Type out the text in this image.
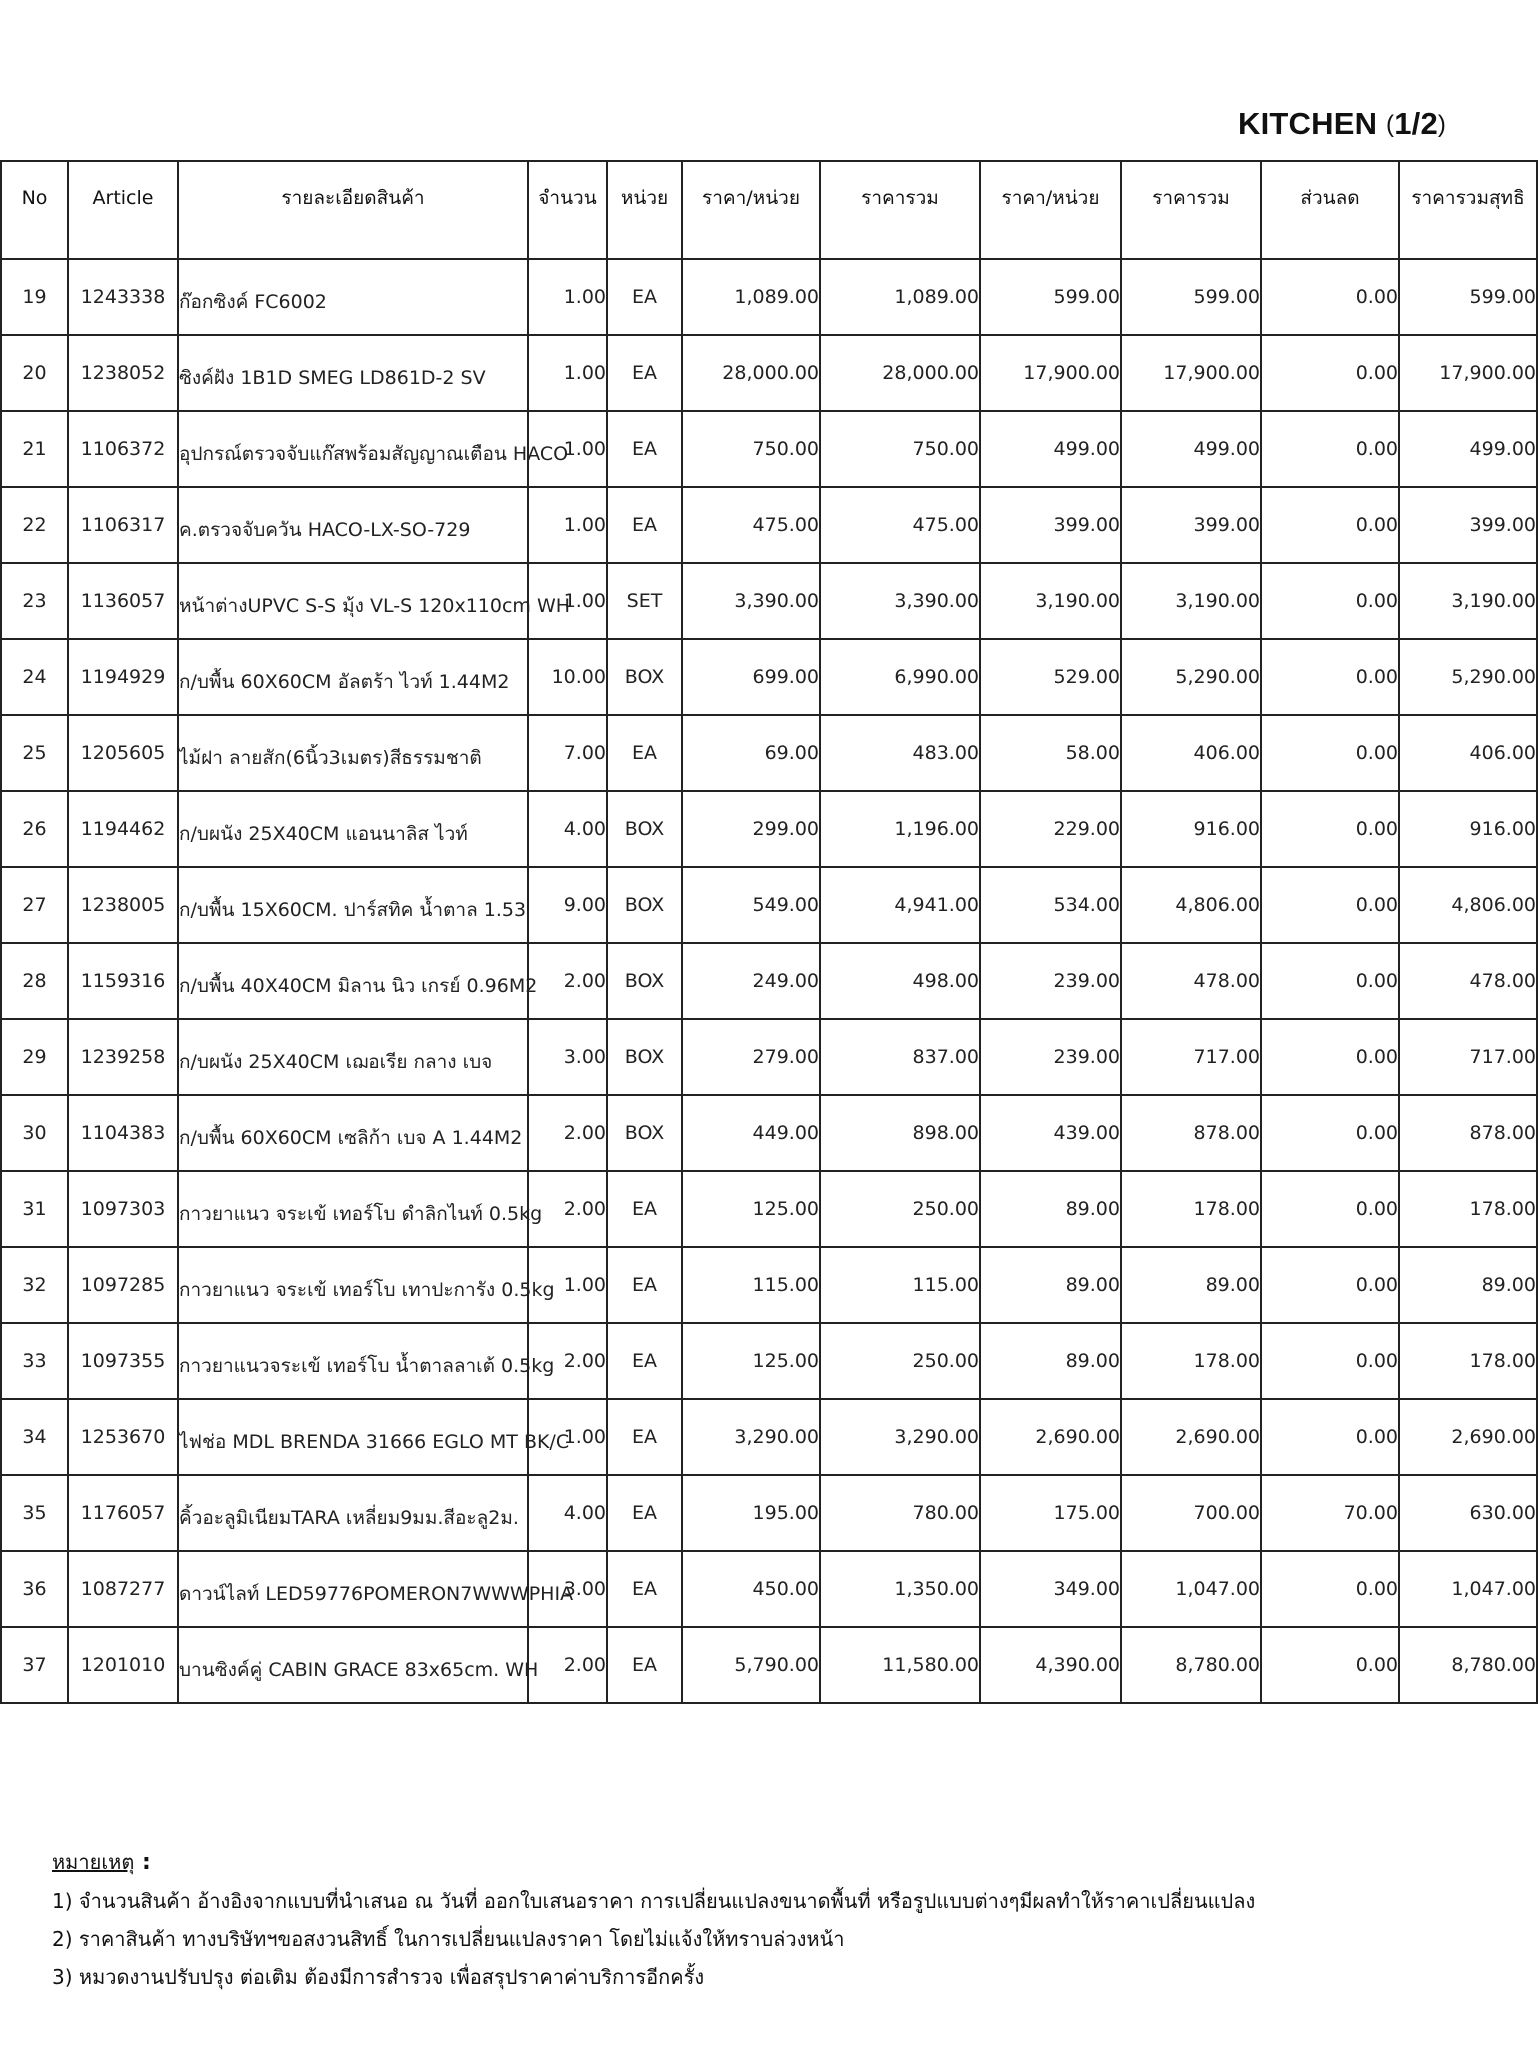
KITCHEN (1/2)
No	Article	รายละเอียดสินค้า	จำนวน	หน่วย	ราคา/หน่วย	ราคารวม	ราคา/หน่วย	ราคารวม	ส่วนลด	ราคารวมสุทธิ
19	1243338	ก๊อกซิงค์ FC6002	1.00	EA	1,089.00	1,089.00	599.00	599.00	0.00	599.00
20	1238052	ซิงค์ฝัง 1B1D SMEG LD861D-2 SV	1.00	EA	28,000.00	28,000.00	17,900.00	17,900.00	0.00	17,900.00
21	1106372	อุปกรณ์ตรวจจับแก๊สพร้อมสัญญาณเตือน HACO	1.00	EA	750.00	750.00	499.00	499.00	0.00	499.00
22	1106317	ค.ตรวจจับควัน HACO-LX-SO-729	1.00	EA	475.00	475.00	399.00	399.00	0.00	399.00
23	1136057	หน้าต่างUPVC S-S มุ้ง VL-S 120x110cm WH	1.00	SET	3,390.00	3,390.00	3,190.00	3,190.00	0.00	3,190.00
24	1194929	ก/บพื้น 60X60CM อัลตร้า ไวท์ 1.44M2	10.00	BOX	699.00	6,990.00	529.00	5,290.00	0.00	5,290.00
25	1205605	ไม้ฝา ลายสัก(6นิ้ว3เมตร)สีธรรมชาติ	7.00	EA	69.00	483.00	58.00	406.00	0.00	406.00
26	1194462	ก/บผนัง 25X40CM แอนนาลิส ไวท์	4.00	BOX	299.00	1,196.00	229.00	916.00	0.00	916.00
27	1238005	ก/บพื้น 15X60CM. ปาร์สทิค น้ำตาล 1.53	9.00	BOX	549.00	4,941.00	534.00	4,806.00	0.00	4,806.00
28	1159316	ก/บพื้น 40X40CM มิลาน นิว เกรย์ 0.96M2	2.00	BOX	249.00	498.00	239.00	478.00	0.00	478.00
29	1239258	ก/บผนัง 25X40CM เฌอเรีย กลาง เบจ	3.00	BOX	279.00	837.00	239.00	717.00	0.00	717.00
30	1104383	ก/บพื้น 60X60CM เซลิก้า เบจ A 1.44M2	2.00	BOX	449.00	898.00	439.00	878.00	0.00	878.00
31	1097303	กาวยาแนว จระเข้ เทอร์โบ ดำลิกไนท์ 0.5kg	2.00	EA	125.00	250.00	89.00	178.00	0.00	178.00
32	1097285	กาวยาแนว จระเข้ เทอร์โบ เทาปะการัง 0.5kg	1.00	EA	115.00	115.00	89.00	89.00	0.00	89.00
33	1097355	กาวยาแนวจระเข้ เทอร์โบ น้ำตาลลาเต้ 0.5kg	2.00	EA	125.00	250.00	89.00	178.00	0.00	178.00
34	1253670	ไฟช่อ MDL BRENDA 31666 EGLO MT BK/C	1.00	EA	3,290.00	3,290.00	2,690.00	2,690.00	0.00	2,690.00
35	1176057	คิ้วอะลูมิเนียมTARA เหลี่ยม9มม.สีอะลู2ม.	4.00	EA	195.00	780.00	175.00	700.00	70.00	630.00
36	1087277	ดาวน์ไลท์ LED59776POMERON7WWWPHIA	3.00	EA	450.00	1,350.00	349.00	1,047.00	0.00	1,047.00
37	1201010	บานซิงค์คู่ CABIN GRACE 83x65cm. WH	2.00	EA	5,790.00	11,580.00	4,390.00	8,780.00	0.00	8,780.00
หมายเหตุ :
1) จำนวนสินค้า อ้างอิงจากแบบที่นำเสนอ ณ วันที่ ออกใบเสนอราคา การเปลี่ยนแปลงขนาดพื้นที่ หรือรูปแบบต่างๆมีผลทำให้ราคาเปลี่ยนแปลง
2) ราคาสินค้า ทางบริษัทฯขอสงวนสิทธิ์ ในการเปลี่ยนแปลงราคา โดยไม่แจ้งให้ทราบล่วงหน้า
3) หมวดงานปรับปรุง ต่อเติม ต้องมีการสำรวจ เพื่อสรุปราคาค่าบริการอีกครั้ง
